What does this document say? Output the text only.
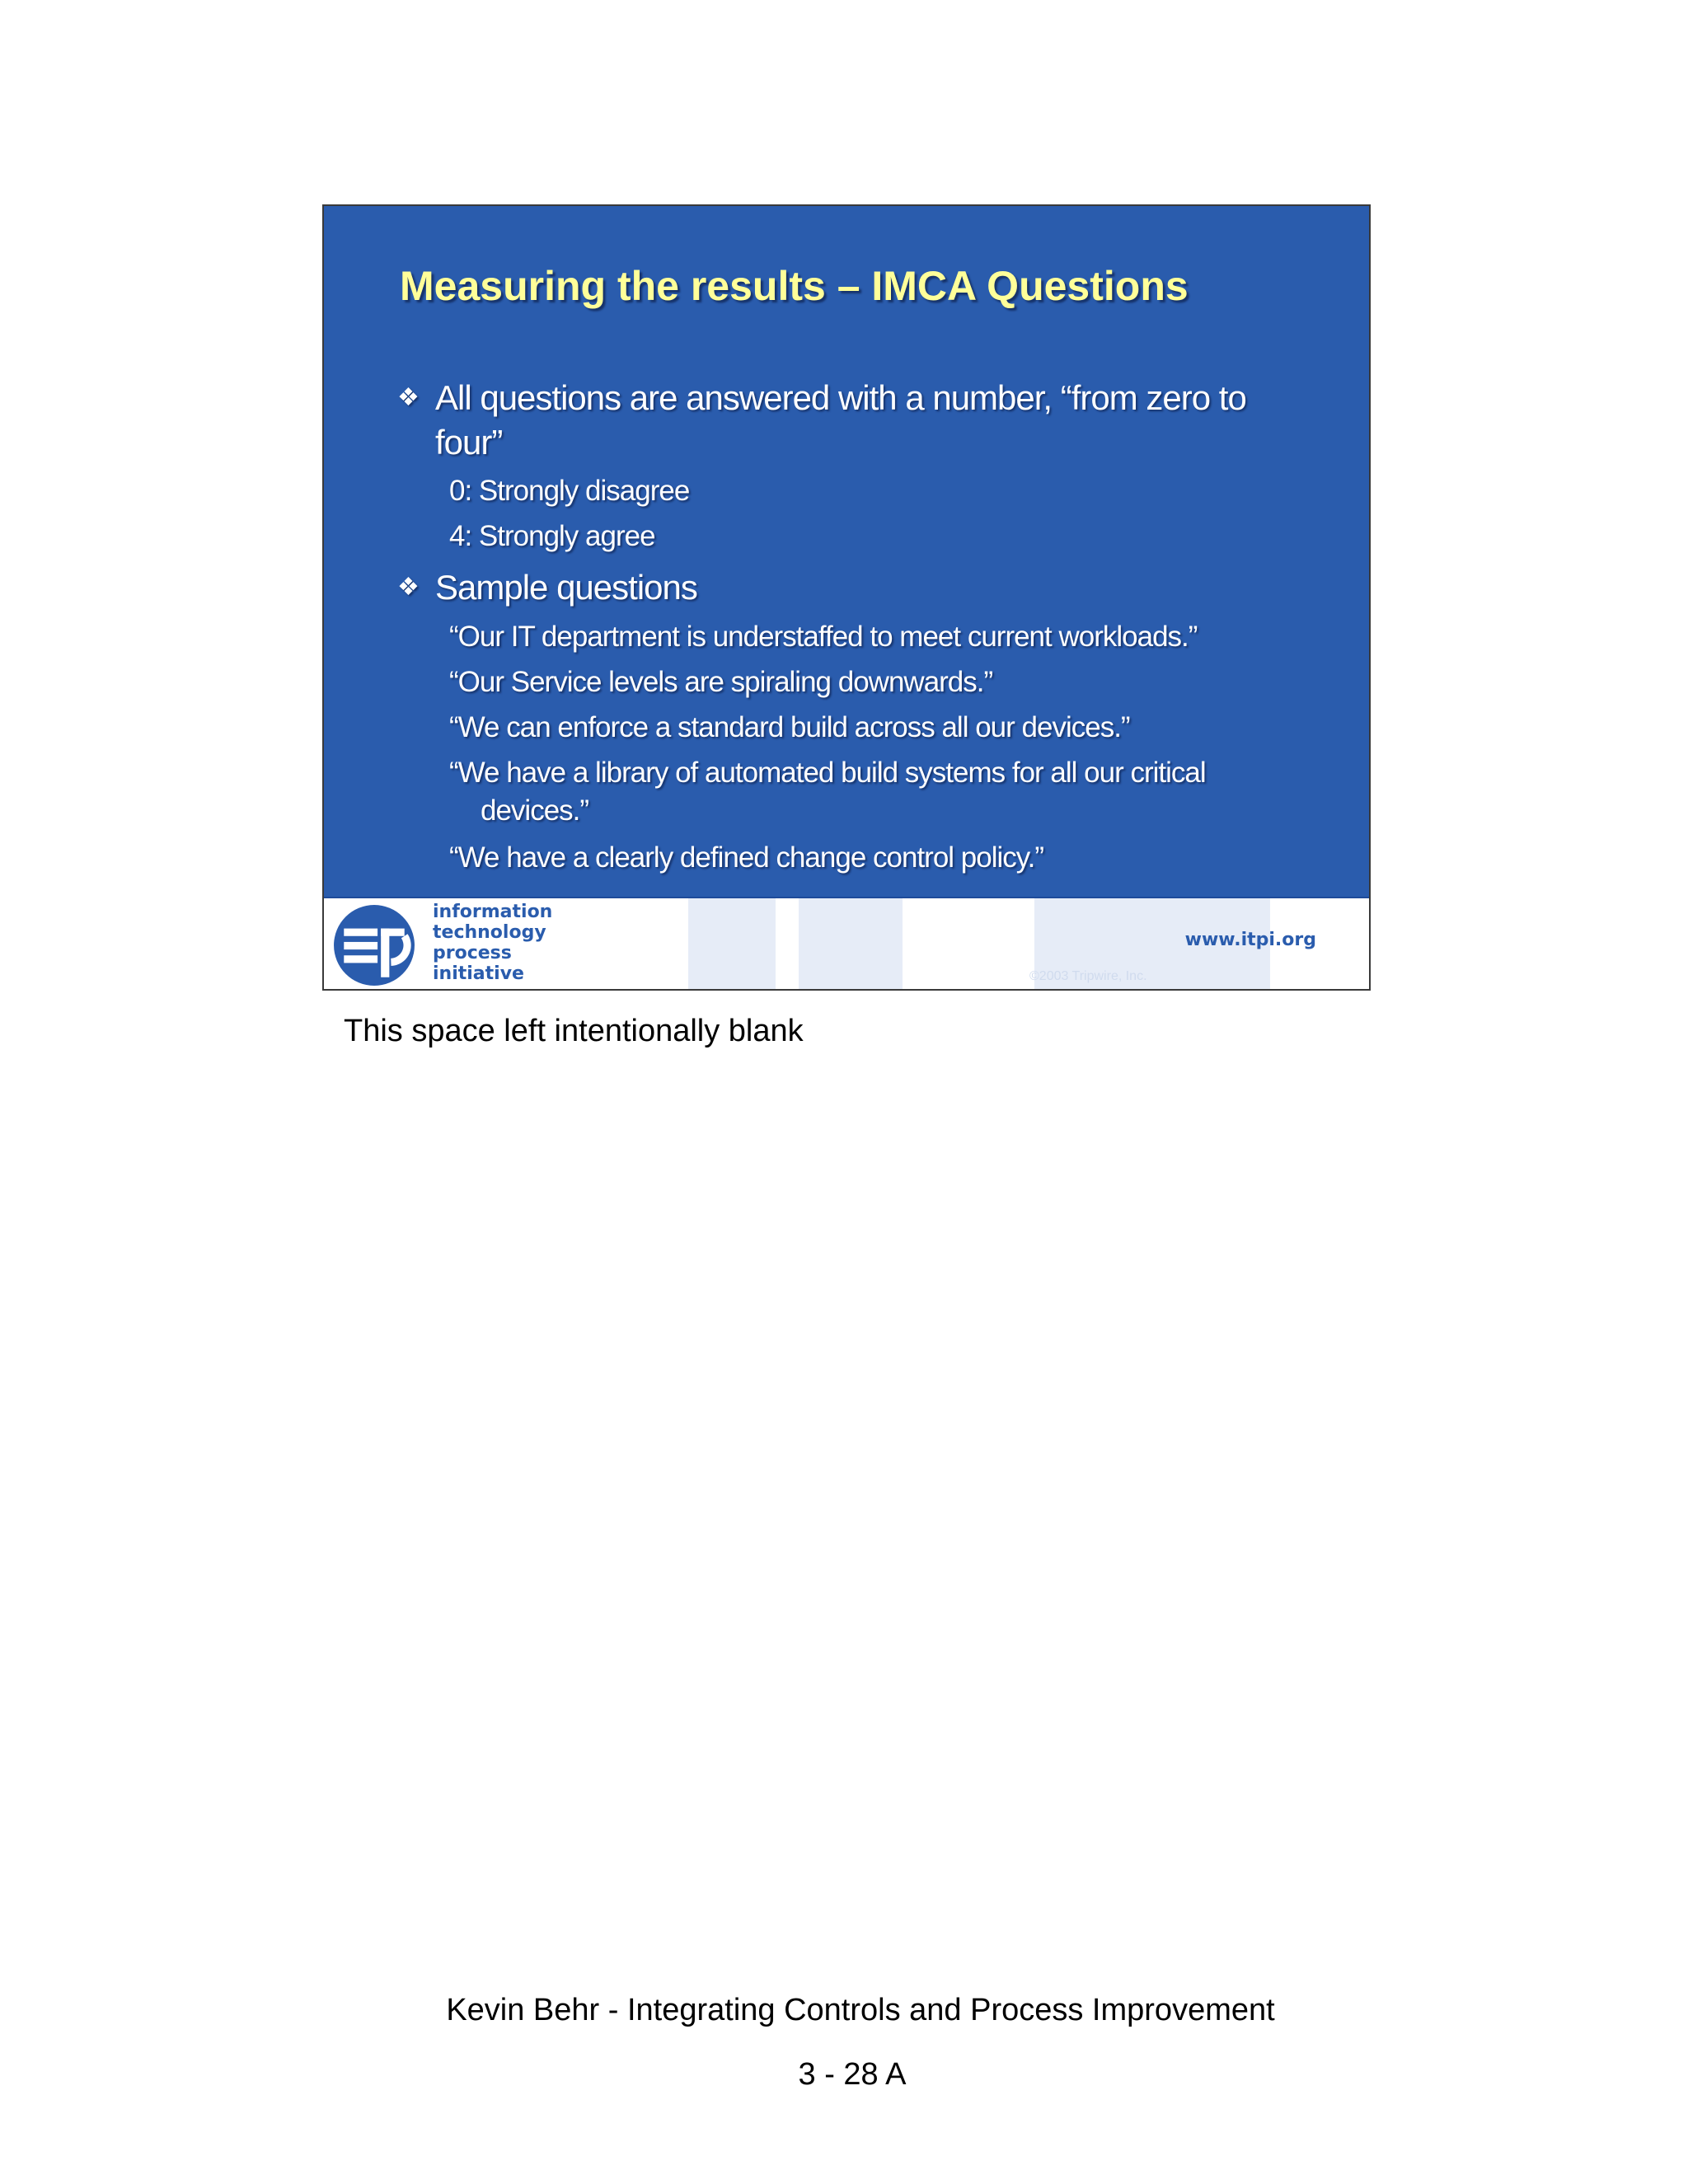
Measuring the results – IMCA Questions
❖ All questions are answered with a number, “from zero to
four”
0: Strongly disagree
4: Strongly agree
❖ Sample questions
“Our IT department is understaffed to meet current workloads.”
“Our Service levels are spiraling downwards.”
“We can enforce a standard build across all our devices.”
“We have a library of automated build systems for all our critical
devices.”
“We have a clearly defined change control policy.”
information
technology
process
initiative	©2003 Tripwire, Inc.
www.itpi.org
This space left intentionally blank
Kevin Behr - Integrating Controls and Process Improvement
3 - 28 A
